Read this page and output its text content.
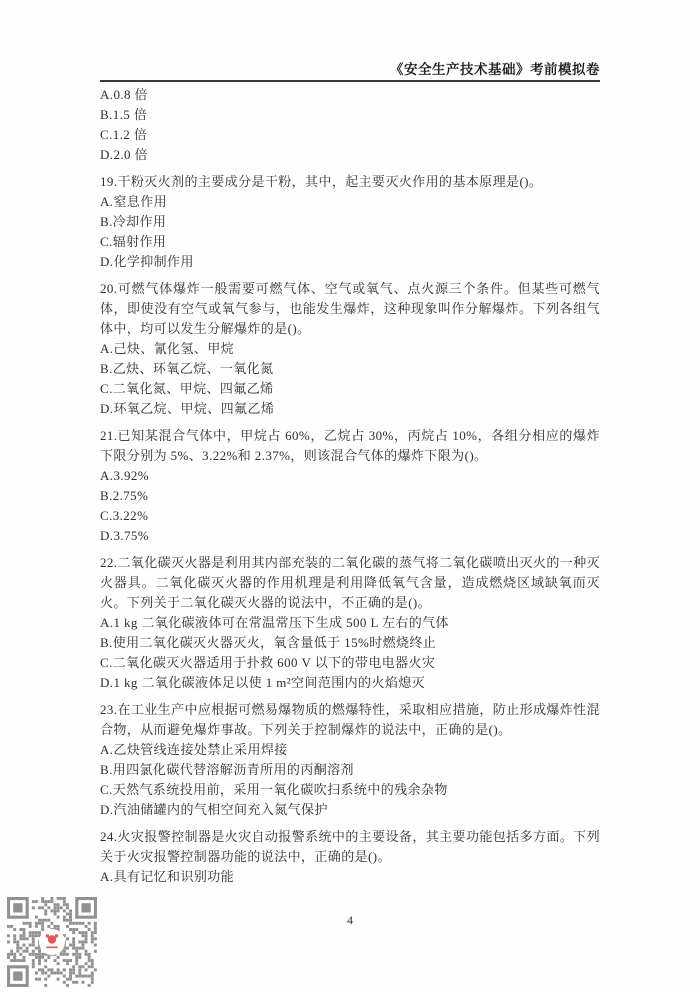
《安全生产技术基础》考前模拟卷

A.0.8 倍

B.1.5 倍

C.1.2 倍

D.2.0 倍

19.干粉灭火剂的主要成分是干粉，其中，起主要灭火作用的基本原理是()。

A.窒息作用

B.冷却作用

C.辐射作用

D.化学抑制作用

20.可燃气体爆炸一般需要可燃气体、空气或氧气、点火源三个条件。但某些可燃气体，即使没有空气或氧气参与，也能发生爆炸，这种现象叫作分解爆炸。下列各组气体中，均可以发生分解爆炸的是()。

A.己炔、氰化氢、甲烷

B.乙炔、环氧乙烷、一氧化氮

C.二氧化氮、甲烷、四氟乙烯

D.环氧乙烷、甲烷、四氟乙烯

21.已知某混合气体中，甲烷占 60%，乙烷占 30%，丙烷占 10%，各组分相应的爆炸下限分别为 5%、3.22%和 2.37%，则该混合气体的爆炸下限为()。

A.3.92%

B.2.75%

C.3.22%

D.3.75%

22.二氧化碳灭火器是利用其内部充装的二氧化碳的蒸气将二氧化碳喷出灭火的一种灭火器具。二氧化碳灭火器的作用机理是利用降低氧气含量，造成燃烧区域缺氧而灭火。下列关于二氧化碳灭火器的说法中，不正确的是()。

A.1 kg 二氧化碳液体可在常温常压下生成 500 L 左右的气体

B.使用二氧化碳灭火器灭火，氧含量低于 15%时燃烧终止

C.二氧化碳灭火器适用于扑救 600 V 以下的带电电器火灾

D.1 kg 二氧化碳液体足以使 1 m²空间范围内的火焰熄灭

23.在工业生产中应根据可燃易爆物质的燃爆特性，采取相应措施，防止形成爆炸性混合物，从而避免爆炸事故。下列关于控制爆炸的说法中，正确的是()。

A.乙炔管线连接处禁止采用焊接

B.用四氯化碳代替溶解沥青所用的丙酮溶剂

C.天然气系统投用前，采用一氧化碳吹扫系统中的残余杂物

D.汽油储罐内的气相空间充入氮气保护

24.火灾报警控制器是火灾自动报警系统中的主要设备，其主要功能包括多方面。下列关于火灾报警控制器功能的说法中，正确的是()。

A.具有记忆和识别功能

4
